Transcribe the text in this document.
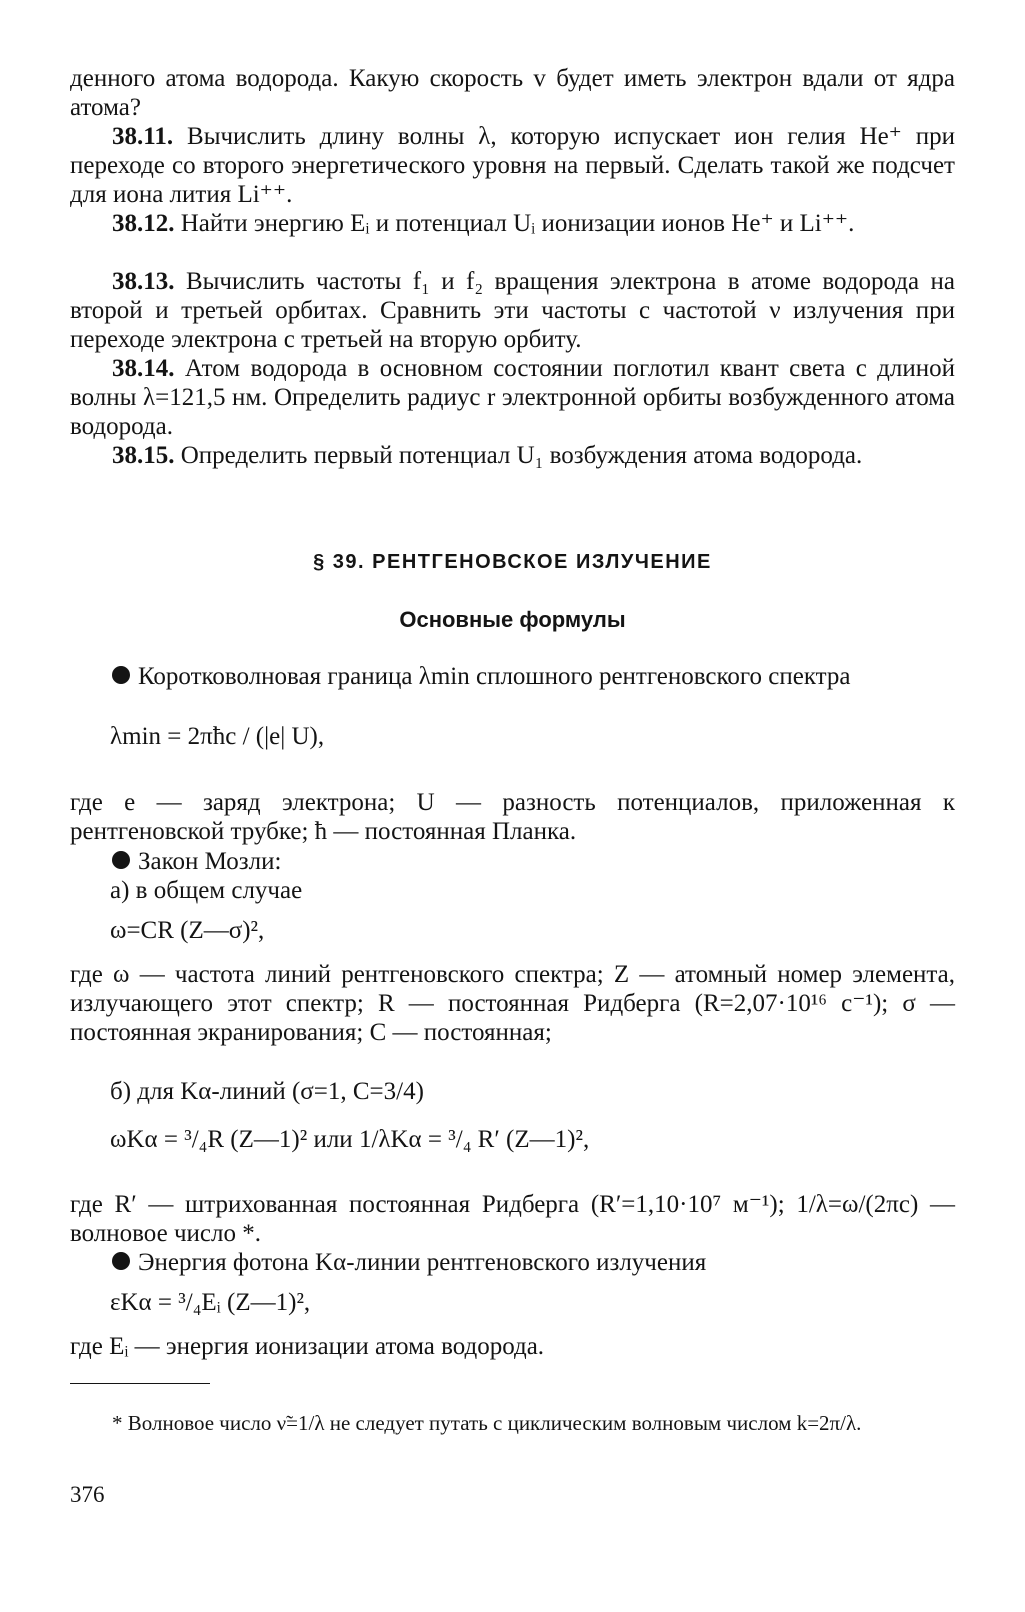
денного атома водорода. Какую скорость v будет иметь электрон вдали от ядра атома?
38.11. Вычислить длину волны λ, которую испускает ион гелия He⁺ при переходе со второго энергетического уровня на первый. Сделать такой же подсчет для иона лития Li⁺⁺.
38.12. Найти энергию Eᵢ и потенциал Uᵢ ионизации ионов He⁺ и Li⁺⁺.
38.13. Вычислить частоты f₁ и f₂ вращения электрона в атоме водорода на второй и третьей орбитах. Сравнить эти частоты с частотой ν излучения при переходе электрона с третьей на вторую орбиту.
38.14. Атом водорода в основном состоянии поглотил квант света с длиной волны λ=121,5 нм. Определить радиус r электронной орбиты возбужденного атома водорода.
38.15. Определить первый потенциал U₁ возбуждения атома водорода.
§ 39. РЕНТГЕНОВСКОЕ ИЗЛУЧЕНИЕ
Основные формулы
Коротковолновая граница λmin сплошного рентгеновского спектра
λmin = 2πħc / (|e| U),
где e — заряд электрона; U — разность потенциалов, приложенная к рентгеновской трубке; ħ — постоянная Планка.
Закон Мозли:
а) в общем случае
ω=CR (Z—σ)²,
где ω — частота линий рентгеновского спектра; Z — атомный номер элемента, излучающего этот спектр; R — постоянная Ридберга (R=2,07·10¹⁶ с⁻¹); σ — постоянная экранирования; C — постоянная;
б) для Kα-линий (σ=1, C=3/4)
ωKα = ³/₄R (Z—1)² или 1/λKα = ³/₄ R′ (Z—1)²,
где R′ — штрихованная постоянная Ридберга (R′=1,10·10⁷ м⁻¹); 1/λ=ω/(2πc) — волновое число *.
Энергия фотона Kα-линии рентгеновского излучения
εKα = ³/₄Eᵢ (Z—1)²,
где Eᵢ — энергия ионизации атома водорода.
* Волновое число ν̃=1/λ не следует путать с циклическим волновым числом k=2π/λ.
376
